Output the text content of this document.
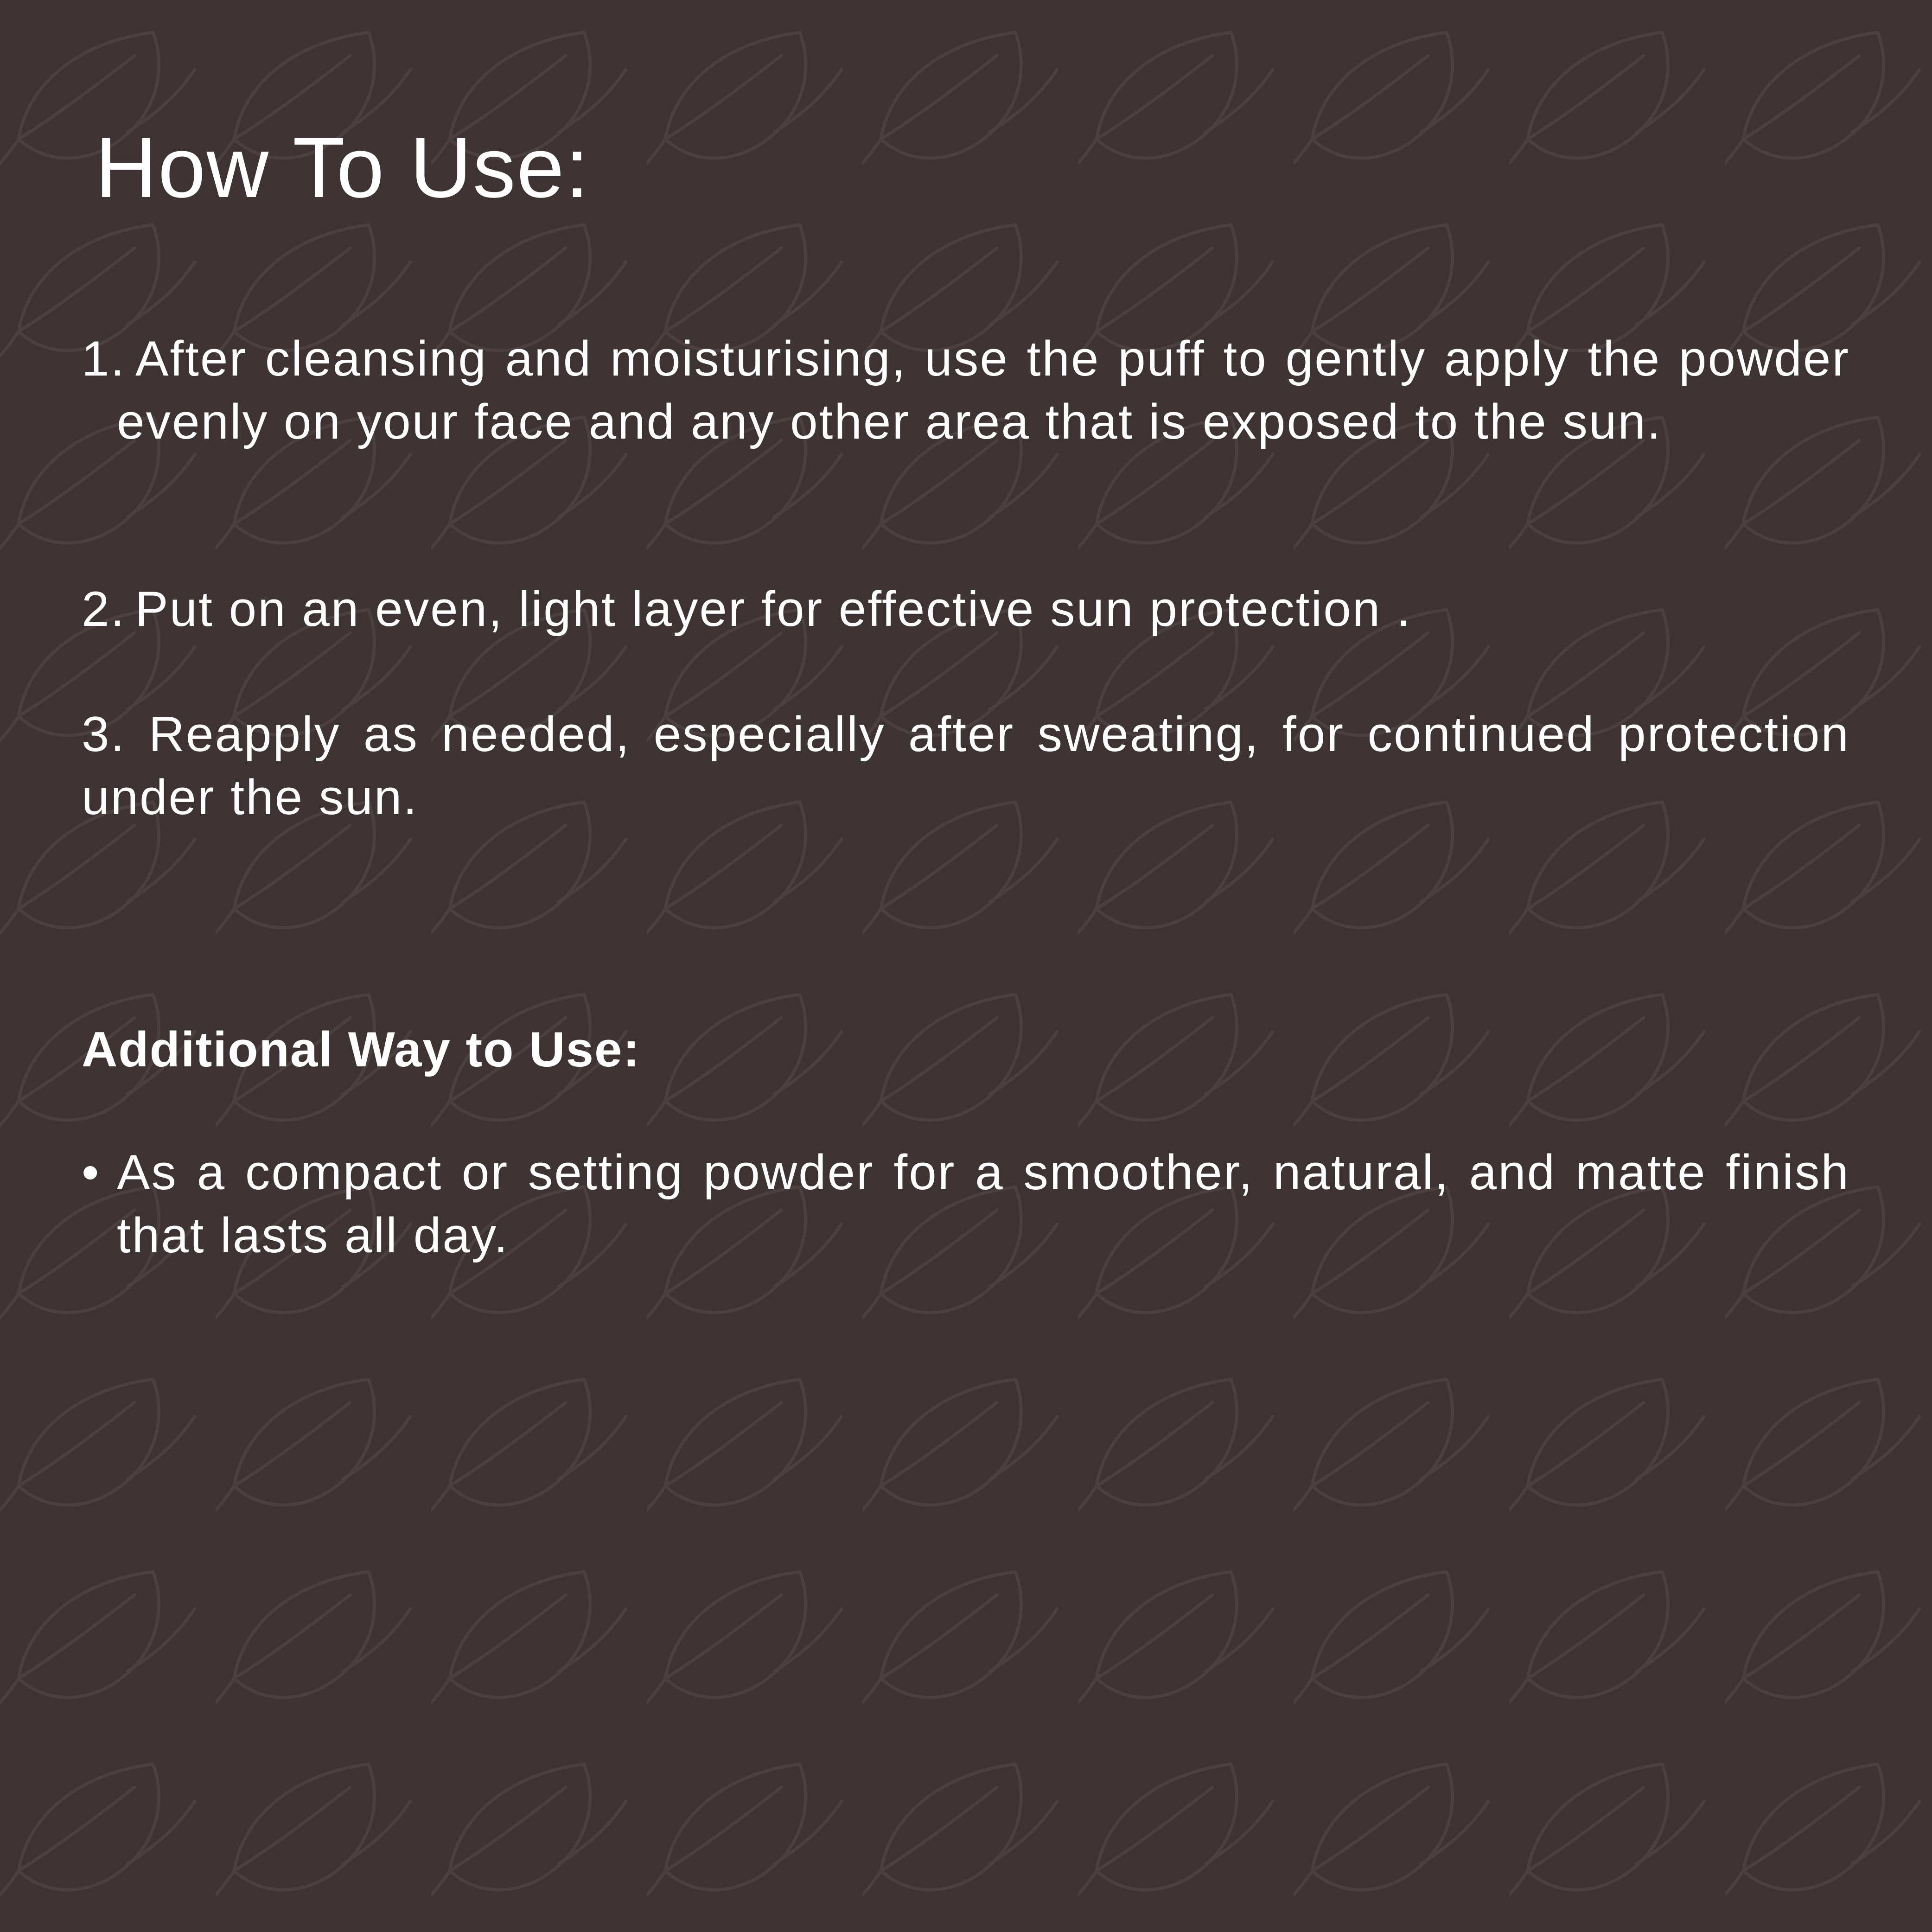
How To Use:
1. After cleansing and moisturising, use the puff to gently apply the powder evenly on your face and any other area that is exposed to the sun.
2. Put on an even, light layer for effective sun protection .
3. Reapply as needed, especially after sweating, for continued protection under the sun.
Additional Way to Use:
• As a compact or setting powder for a smoother, natural, and matte finish that lasts all day.
